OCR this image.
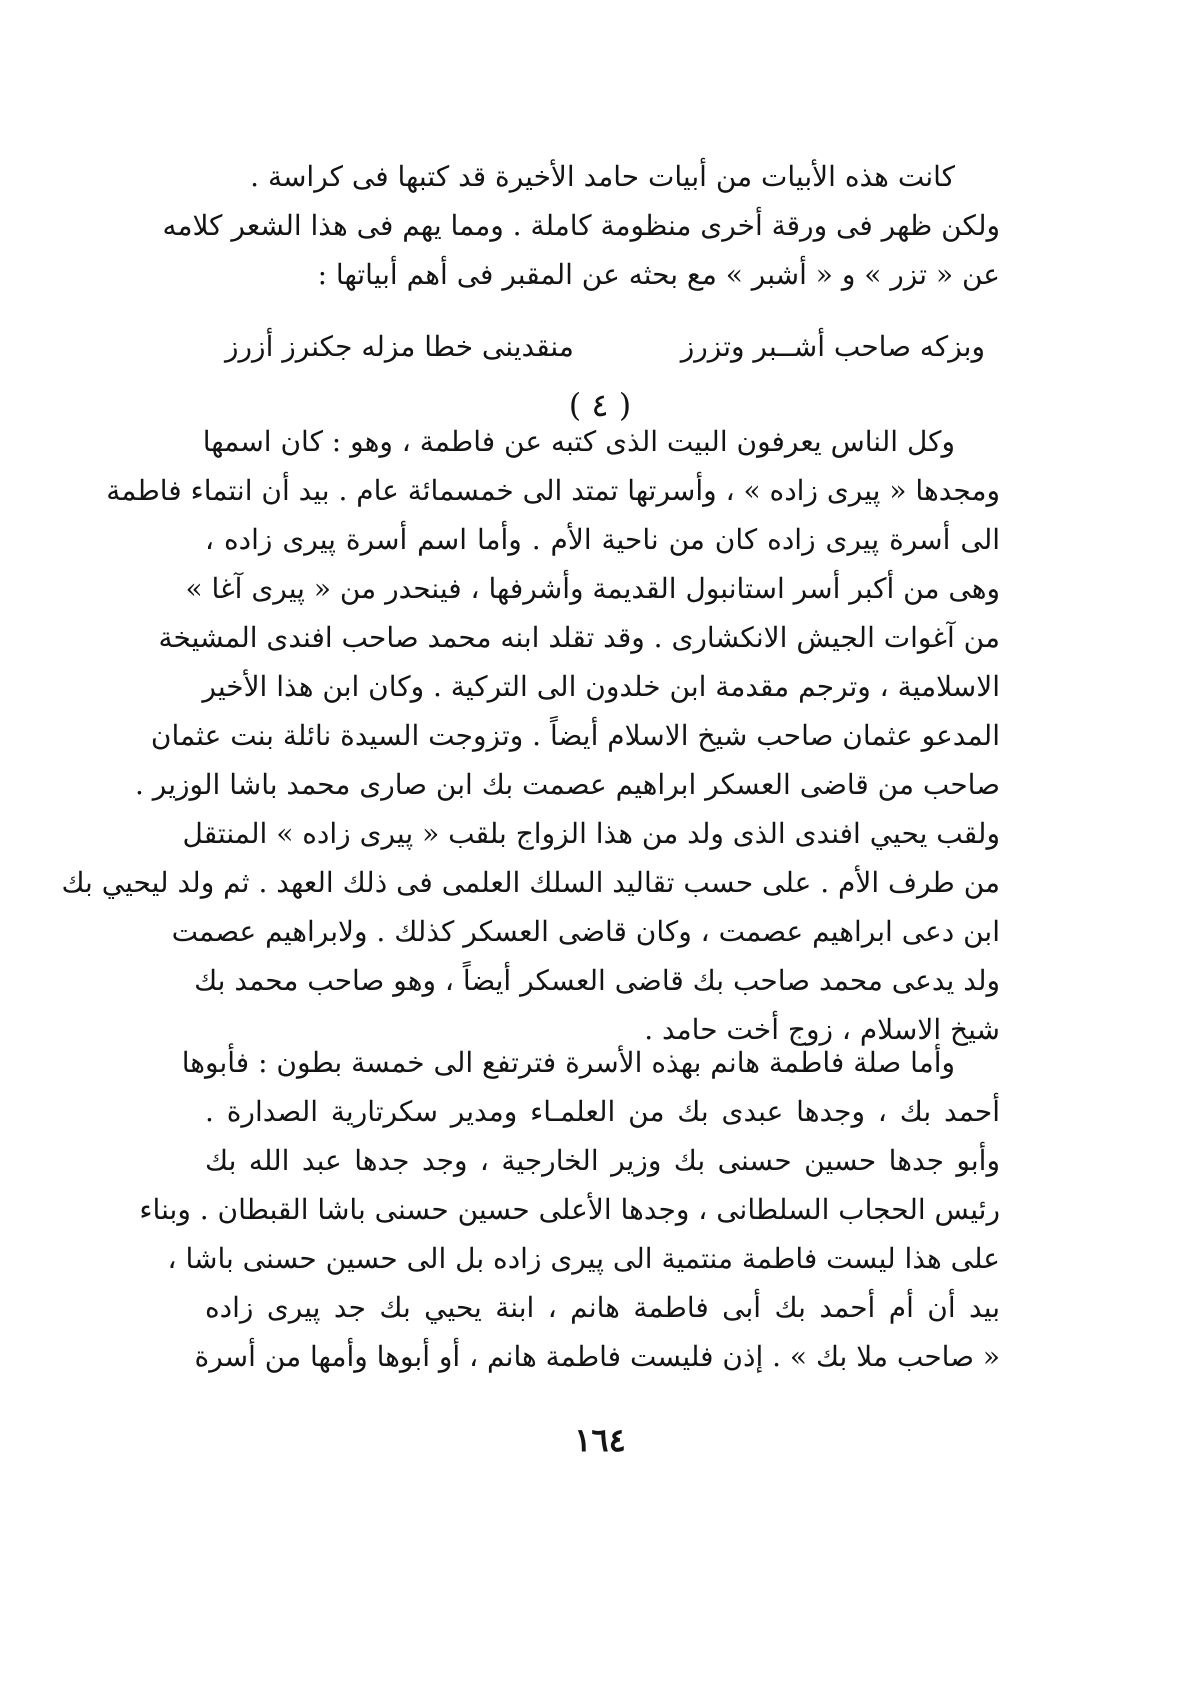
كانت هذه الأبيات من أبيات حامد الأخيرة قد كتبها فى كراسة .
ولكن ظهر فى ورقة أخرى منظومة كاملة . ومما يهم فى هذا الشعر كلامه
عن « تزر » و « أشبر » مع بحثه عن المقبر فى أهم أبياتها :
وبزكه صاحب أشــبر وتزرز
منقدينى خطا مزله جكنرز أزرز
( ٤ )
وكل الناس يعرفون البيت الذى كتبه عن فاطمة ، وهو : كان اسمها
ومجدها « پيرى زاده » ، وأسرتها تمتد الى خمسمائة عام . بيد أن انتماء فاطمة
الى أسرة پيرى زاده كان من ناحية الأم . وأما اسم أسرة پيرى زاده ،
وهى من أكبر أسر استانبول القديمة وأشرفها ، فينحدر من « پيرى آغا »
من آغوات الجيش الانكشارى . وقد تقلد ابنه محمد صاحب افندى المشيخة
الاسلامية ، وترجم مقدمة ابن خلدون الى التركية . وكان ابن هذا الأخير
المدعو عثمان صاحب شيخ الاسلام أيضاً . وتزوجت السيدة نائلة بنت عثمان
صاحب من قاضى العسكر ابراهيم عصمت بك ابن صارى محمد باشا الوزير .
ولقب يحيي افندى الذى ولد من هذا الزواج بلقب « پيرى زاده » المنتقل
من طرف الأم . على حسب تقاليد السلك العلمى فى ذلك العهد . ثم ولد ليحيي بك
ابن دعى ابراهيم عصمت ، وكان قاضى العسكر كذلك . ولابراهيم عصمت
ولد يدعى محمد صاحب بك قاضى العسكر أيضاً ، وهو صاحب محمد بك
شيخ الاسلام ، زوج أخت حامد .
وأما صلة فاطمة هانم بهذه الأسرة فترتفع الى خمسة بطون : فأبوها
أحمد بك ، وجدها عبدى بك من العلمـاء ومدير سكرتارية الصدارة .
وأبو جدها حسين حسنى بك وزير الخارجية ، وجد جدها عبد الله بك
رئيس الحجاب السلطانى ، وجدها الأعلى حسين حسنى باشا القبطان . وبناء
على هذا ليست فاطمة منتمية الى پيرى زاده بل الى حسين حسنى باشا ،
بيد أن أم أحمد بك أبى فاطمة هانم ، ابنة يحيي بك جد پيرى زاده
« صاحب ملا بك » . إذن فليست فاطمة هانم ، أو أبوها وأمها من أسرة
١٦٤
